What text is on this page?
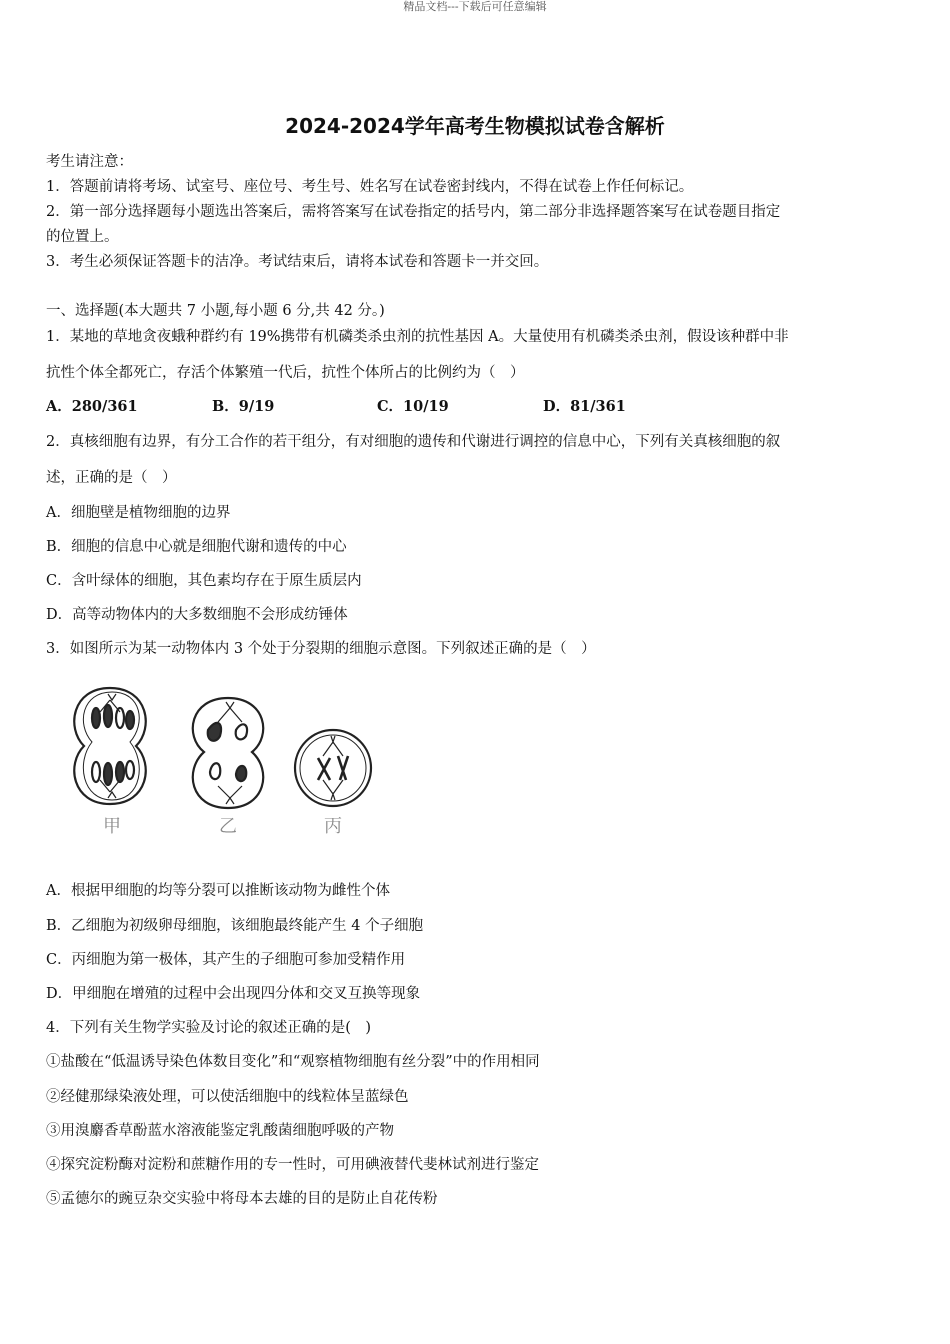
精品文档---下载后可任意编辑
2024-2024学年高考生物模拟试卷含解析
考生请注意：
1．答题前请将考场、试室号、座位号、考生号、姓名写在试卷密封线内，不得在试卷上作任何标记。
2．第一部分选择题每小题选出答案后，需将答案写在试卷指定的括号内，第二部分非选择题答案写在试卷题目指定
的位置上。
3．考生必须保证答题卡的洁净。考试结束后，请将本试卷和答题卡一并交回。
一、选择题(本大题共 7 小题,每小题 6 分,共 42 分。)
1．某地的草地贪夜蛾种群约有 19%携带有机磷类杀虫剂的抗性基因 A。大量使用有机磷类杀虫剂，假设该种群中非
抗性个体全都死亡，存活个体繁殖一代后，抗性个体所占的比例约为（　）
A．280/361	B．9/19	C．10/19	D．81/361
2．真核细胞有边界，有分工合作的若干组分，有对细胞的遗传和代谢进行调控的信息中心，下列有关真核细胞的叙
述，正确的是（　）
A．细胞壁是植物细胞的边界
B．细胞的信息中心就是细胞代谢和遗传的中心
C．含叶绿体的细胞，其色素均存在于原生质层内
D．高等动物体内的大多数细胞不会形成纺锤体
3．如图所示为某一动物体内 3 个处于分裂期的细胞示意图。下列叙述正确的是（　）
甲	乙	丙
A．根据甲细胞的均等分裂可以推断该动物为雌性个体
B．乙细胞为初级卵母细胞，该细胞最终能产生 4 个子细胞
C．丙细胞为第一极体，其产生的子细胞可参加受精作用
D．甲细胞在增殖的过程中会出现四分体和交叉互换等现象
4．下列有关生物学实验及讨论的叙述正确的是(　)
①盐酸在“低温诱导染色体数目变化”和“观察植物细胞有丝分裂”中的作用相同
②经健那绿染液处理，可以使活细胞中的线粒体呈蓝绿色
③用溴麝香草酚蓝水溶液能鉴定乳酸菌细胞呼吸的产物
④探究淀粉酶对淀粉和蔗糖作用的专一性时，可用碘液替代斐林试剂进行鉴定
⑤孟德尔的豌豆杂交实验中将母本去雄的目的是防止自花传粉
